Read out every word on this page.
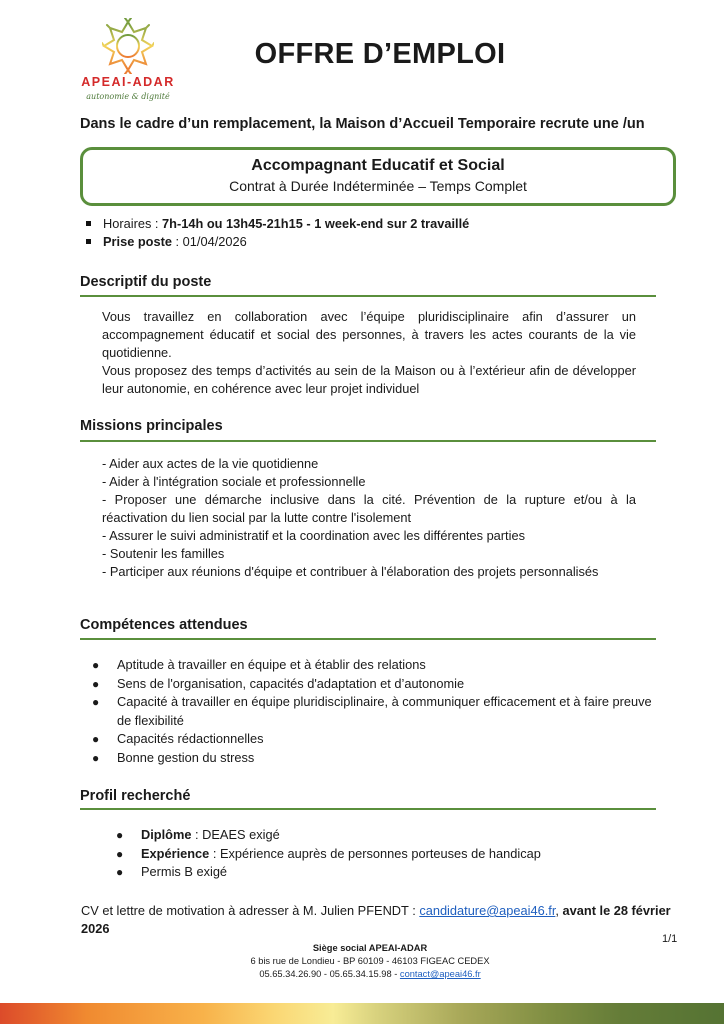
APEAI-ADAR
autonomie & dignité
OFFRE D’EMPLOI
Dans le cadre d’un remplacement, la Maison d’Accueil Temporaire recrute une /un
Accompagnant Educatif et Social
Contrat à Durée Indéterminée – Temps Complet
Horaires : 7h-14h ou 13h45-21h15 - 1 week-end sur 2 travaillé
Prise poste : 01/04/2026
Descriptif du poste
Vous travaillez en collaboration avec l’équipe pluridisciplinaire afin d’assurer un accompagnement éducatif et social des personnes, à travers les actes courants de la vie quotidienne.
Vous proposez des temps d’activités au sein de la Maison ou à l’extérieur afin de développer leur autonomie, en cohérence avec leur projet individuel
Missions principales
- Aider aux actes de la vie quotidienne
- Aider à l'intégration sociale et professionnelle
- Proposer une démarche inclusive dans la cité. Prévention de la rupture et/ou à la réactivation du lien social par la lutte contre l'isolement
- Assurer le suivi administratif et la coordination avec les différentes parties
- Soutenir les familles
- Participer aux réunions d'équipe et contribuer à l'élaboration des projets personnalisés
Compétences attendues
●	Aptitude à travailler en équipe et à établir des relations
●	Sens de l'organisation, capacités d'adaptation et d’autonomie
●	Capacité à travailler en équipe pluridisciplinaire, à communiquer efficacement et à faire preuve de flexibilité
●	Capacités rédactionnelles
●	Bonne gestion du stress
Profil recherché
●	Diplôme : DEAES exigé
●	Expérience : Expérience auprès de personnes porteuses de handicap
●	Permis B exigé
CV et lettre de motivation à adresser à M. Julien PFENDT : candidature@apeai46.fr, avant le 28 février 2026
1/1
Siège social APEAI-ADAR
6 bis rue de Londieu - BP 60109 - 46103 FIGEAC CEDEX
05.65.34.26.90 - 05.65.34.15.98 - contact@apeai46.fr
